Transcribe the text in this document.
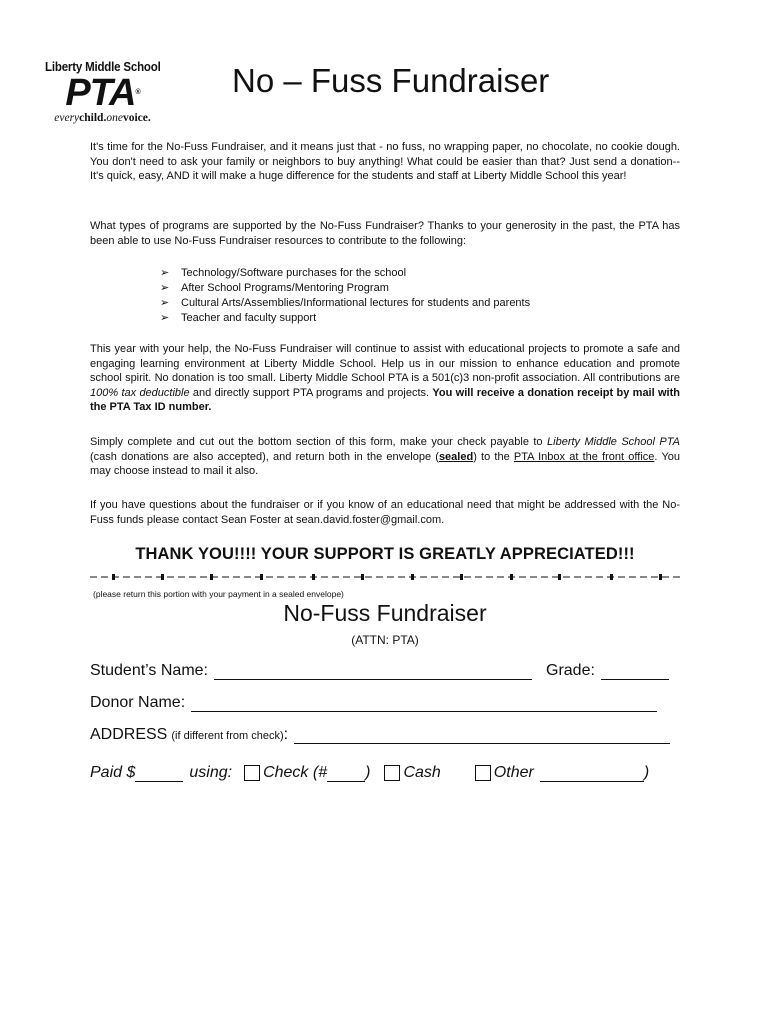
Liberty Middle School
PTA®
everychild.onevoice.
No – Fuss Fundraiser

It's time for the No-Fuss Fundraiser, and it means just that - no fuss, no wrapping paper, no chocolate, no cookie dough. You don't need to ask your family or neighbors to buy anything! What could be easier than that? Just send a donation-- It's quick, easy, AND it will make a huge difference for the students and staff at Liberty Middle School this year!

What types of programs are supported by the No-Fuss Fundraiser? Thanks to your generosity in the past, the PTA has been able to use No-Fuss Fundraiser resources to contribute to the following:

➢ Technology/Software purchases for the school
➢ After School Programs/Mentoring Program
➢ Cultural Arts/Assemblies/Informational lectures for students and parents
➢ Teacher and faculty support

This year with your help, the No-Fuss Fundraiser will continue to assist with educational projects to promote a safe and engaging learning environment at Liberty Middle School. Help us in our mission to enhance education and promote school spirit. No donation is too small. Liberty Middle School PTA is a 501(c)3 non-profit association. All contributions are 100% tax deductible and directly support PTA programs and projects. You will receive a donation receipt by mail with the PTA Tax ID number.

Simply complete and cut out the bottom section of this form, make your check payable to Liberty Middle School PTA (cash donations are also accepted), and return both in the envelope (sealed) to the PTA Inbox at the front office. You may choose instead to mail it also.

If you have questions about the fundraiser or if you know of an educational need that might be addressed with the No-Fuss funds please contact Sean Foster at sean.david.foster@gmail.com.

THANK YOU!!!! YOUR SUPPORT IS GREATLY APPRECIATED!!!
(please return this portion with your payment in a sealed envelope)
No-Fuss Fundraiser
(ATTN: PTA)
Student’s Name:	Grade:
Donor Name:
ADDRESS (if different from check) :
Paid $	using: Check (# ) Cash	Other	)
